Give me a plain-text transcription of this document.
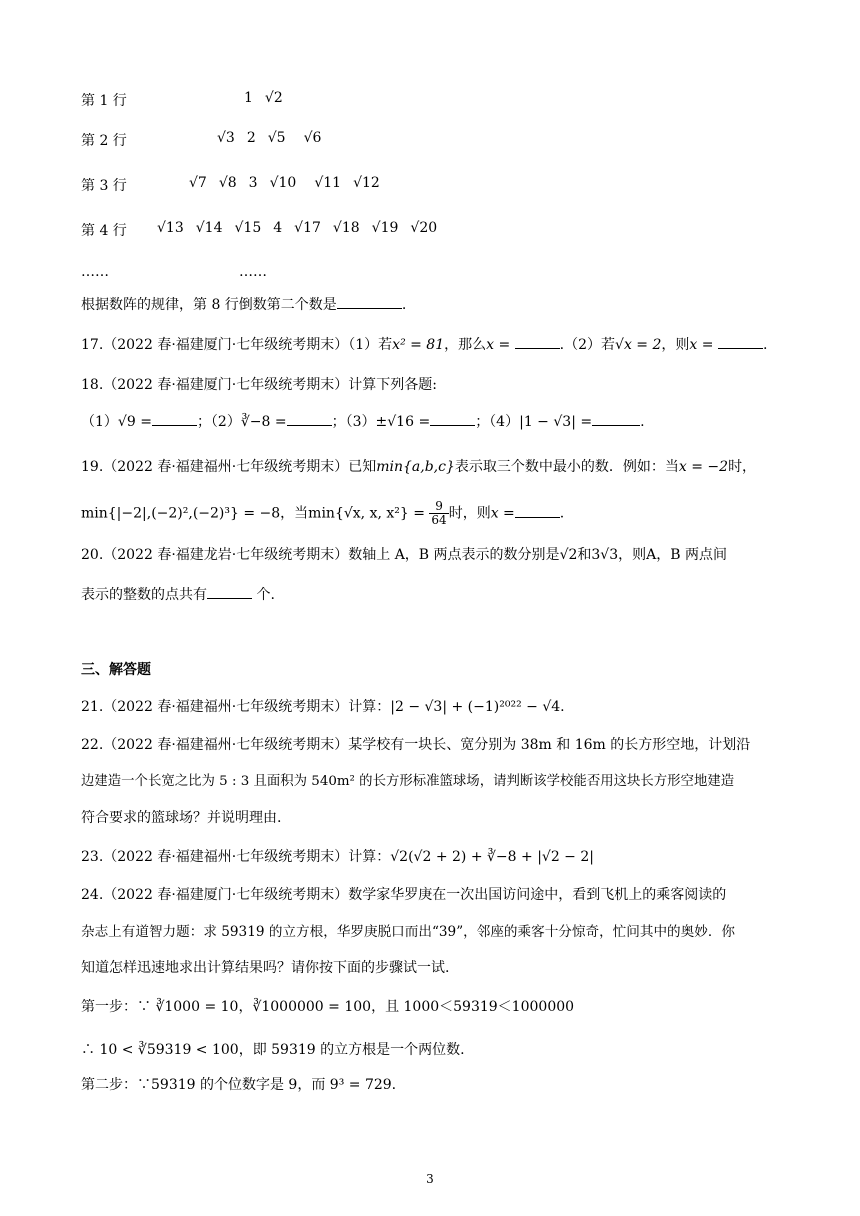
第 1 行	1 √2
第 2 行	√3 2 √5 √6
第 3 行	√7 √8 3 √10 √11 √12
第 4 行 √13 √14 √15 4 √17 √18 √19 √20
……	……
根据数阵的规律，第 8 行倒数第二个数是	.
17.（2022 春·福建厦门·七年级统考期末）（1）若x² = 81，那么x =	.（2）若√x = 2，则x =	.
18.（2022 春·福建厦门·七年级统考期末）计算下列各题:
（1）√9 =	；（2）∛−8 =	；（3）±√16 =	；（4）|1 − √3| =	.
19.（2022 春·福建福州·七年级统考期末）已知min{a,b,c}表示取三个数中最小的数．例如：当x = −2时，
min{|−2|,(−2)²,(−2)³} = −8，当min{√x, x, $x^2\} = \frac{9}{64}$ 时，则x =	.
20.（2022 春·福建龙岩·七年级统考期末）数轴上 A，B 两点表示的数分别是√2和3√3，则A，B 两点间
表示的整数的点共有	个.
三、解答题
21.（2022 春·福建福州·七年级统考期末）计算：|2 − √3| + (−1)²⁰²² − √4.
22.（2022 春·福建福州·七年级统考期末）某学校有一块长、宽分别为 38m 和 16m 的长方形空地，计划沿
边建造一个长宽之比为 5 : 3 且面积为 540m² 的长方形标准篮球场，请判断该学校能否用这块长方形空地建造
符合要求的篮球场？并说明理由.
23.（2022 春·福建福州·七年级统考期末）计算：√2(√2 + 2) + ∛−8 + |√2 − 2|
24.（2022 春·福建厦门·七年级统考期末）数学家华罗庚在一次出国访问途中，看到飞机上的乘客阅读的
杂志上有道智力题：求 59319 的立方根，华罗庚脱口而出“39”，邻座的乘客十分惊奇，忙问其中的奥妙．你
知道怎样迅速地求出计算结果吗？请你按下面的步骤试一试.
第一步：∵ ∛1000 = 10，∛1000000 = 100，且 1000＜59319＜1000000
∴ 10 < ∛59319 < 100，即 59319 的立方根是一个两位数.
第二步：∵59319 的个位数字是 9，而 9³ = 729.
3
